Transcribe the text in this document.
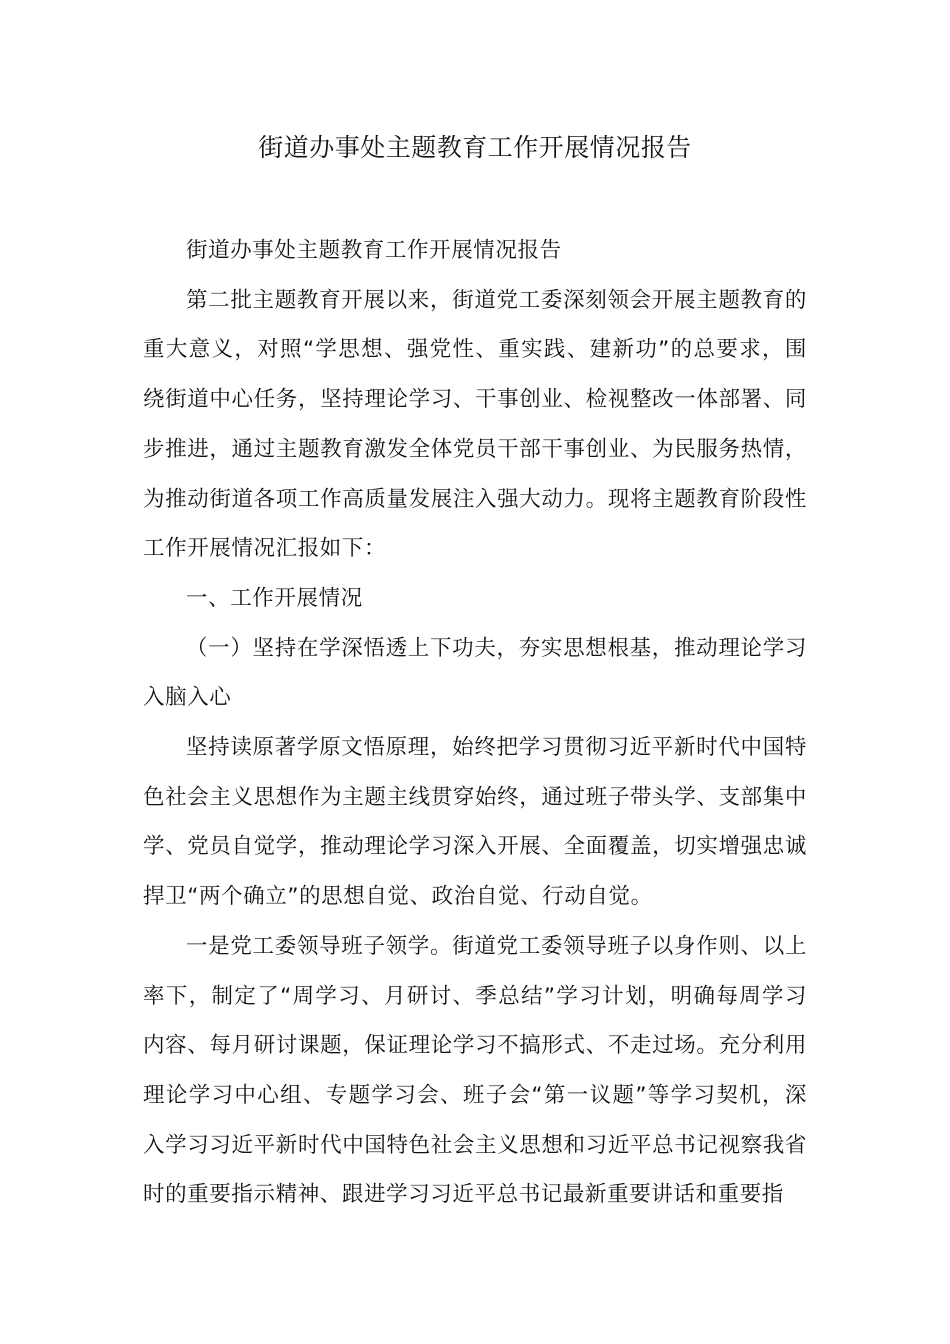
街道办事处主题教育工作开展情况报告

街道办事处主题教育工作开展情况报告

第二批主题教育开展以来，街道党工委深刻领会开展主题教育的重大意义，对照“学思想、强党性、重实践、建新功”的总要求，围绕街道中心任务，坚持理论学习、干事创业、检视整改一体部署、同步推进，通过主题教育激发全体党员干部干事创业、为民服务热情，为推动街道各项工作高质量发展注入强大动力。现将主题教育阶段性工作开展情况汇报如下：

一、工作开展情况

（一）坚持在学深悟透上下功夫，夯实思想根基，推动理论学习入脑入心

坚持读原著学原文悟原理，始终把学习贯彻习近平新时代中国特色社会主义思想作为主题主线贯穿始终，通过班子带头学、支部集中学、党员自觉学，推动理论学习深入开展、全面覆盖，切实增强忠诚捍卫“两个确立”的思想自觉、政治自觉、行动自觉。

一是党工委领导班子领学。街道党工委领导班子以身作则、以上率下，制定了“周学习、月研讨、季总结”学习计划，明确每周学习内容、每月研讨课题，保证理论学习不搞形式、不走过场。充分利用理论学习中心组、专题学习会、班子会“第一议题”等学习契机，深入学习习近平新时代中国特色社会主义思想和习近平总书记视察我省时的重要指示精神、跟进学习习近平总书记最新重要讲话和重要指
